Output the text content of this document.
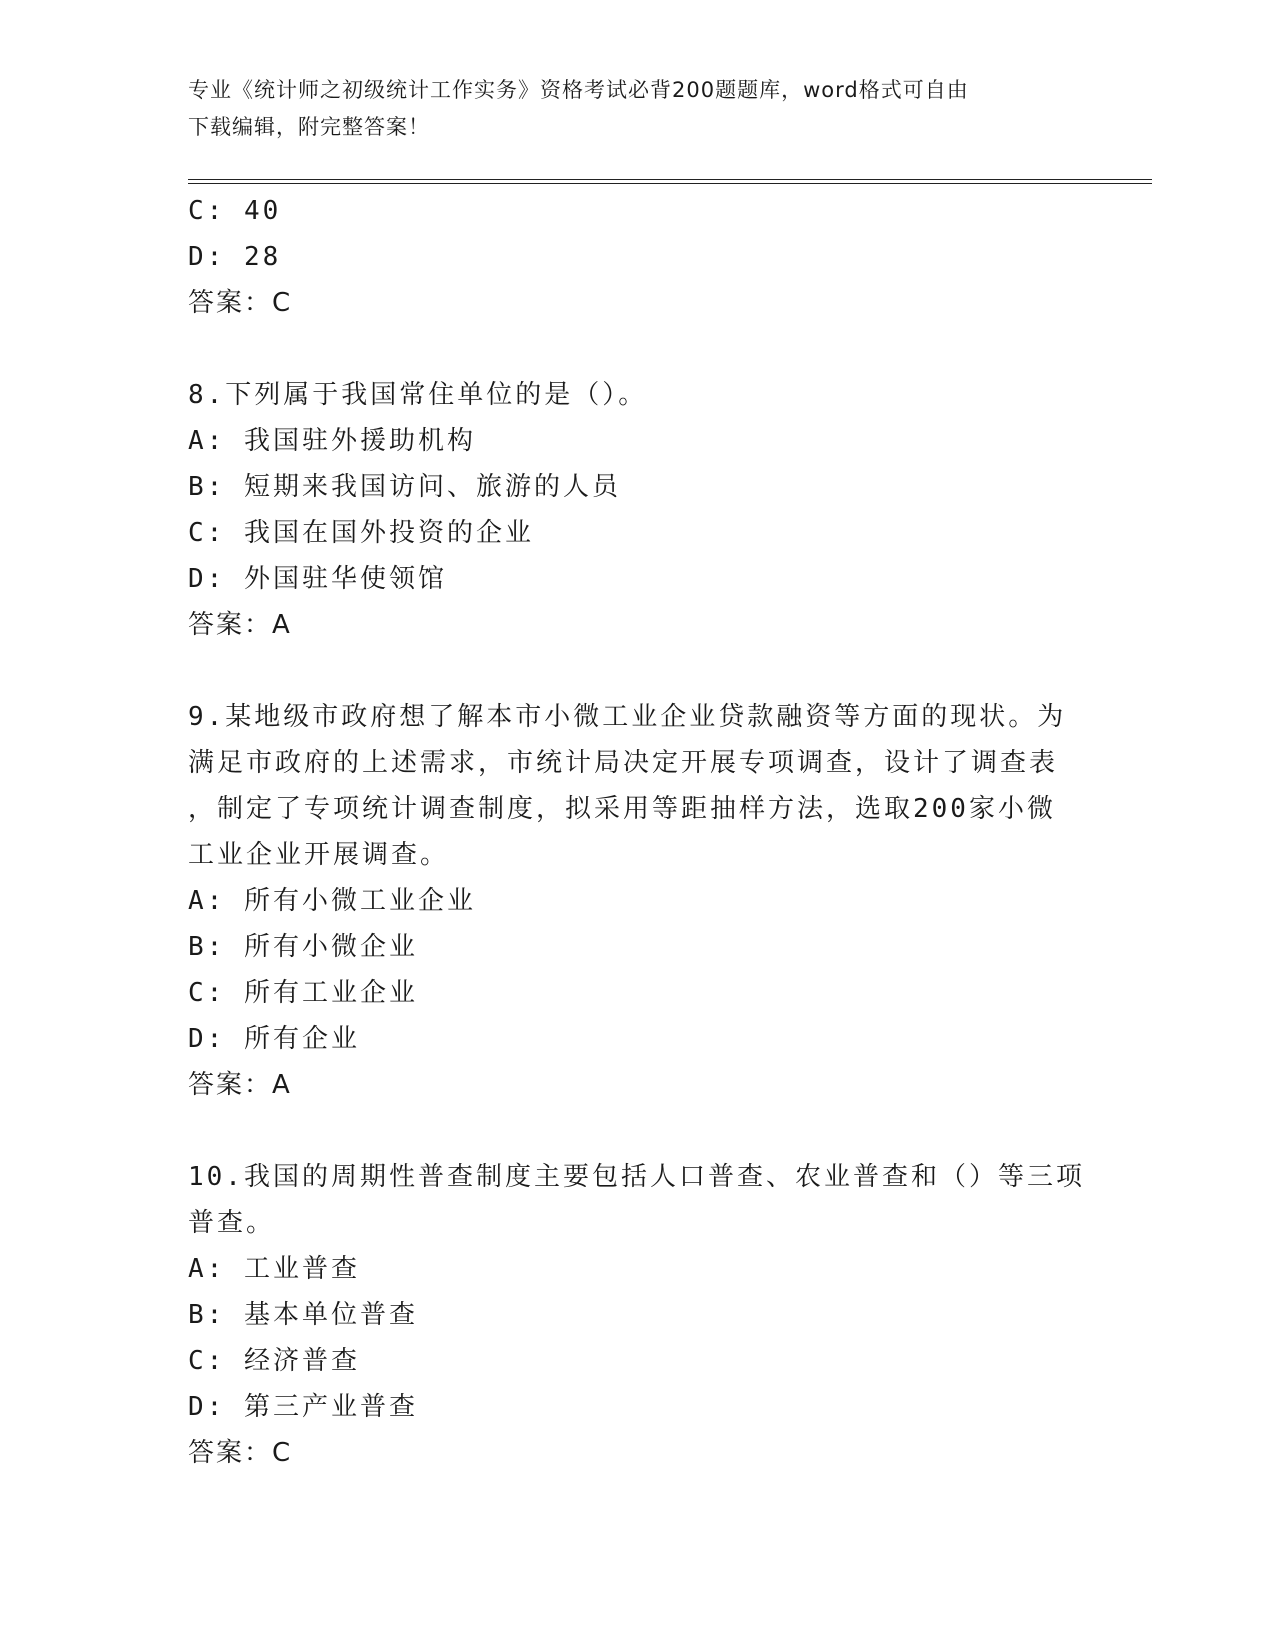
专业《统计师之初级统计工作实务》资格考试必背200题题库，word格式可自由
下载编辑，附完整答案！
C: 40
D: 28
答案：C
8.下列属于我国常住单位的是（）。
A: 我国驻外援助机构
B: 短期来我国访问、旅游的人员
C: 我国在国外投资的企业
D: 外国驻华使领馆
答案：A
9.某地级市政府想了解本市小微工业企业贷款融资等方面的现状。为
满足市政府的上述需求，市统计局决定开展专项调查，设计了调查表
，制定了专项统计调查制度，拟采用等距抽样方法，选取200家小微
工业企业开展调查。
A: 所有小微工业企业
B: 所有小微企业
C: 所有工业企业
D: 所有企业
答案：A
10.我国的周期性普查制度主要包括人口普查、农业普查和（）等三项
普查。
A: 工业普查
B: 基本单位普查
C: 经济普查
D: 第三产业普查
答案：C
